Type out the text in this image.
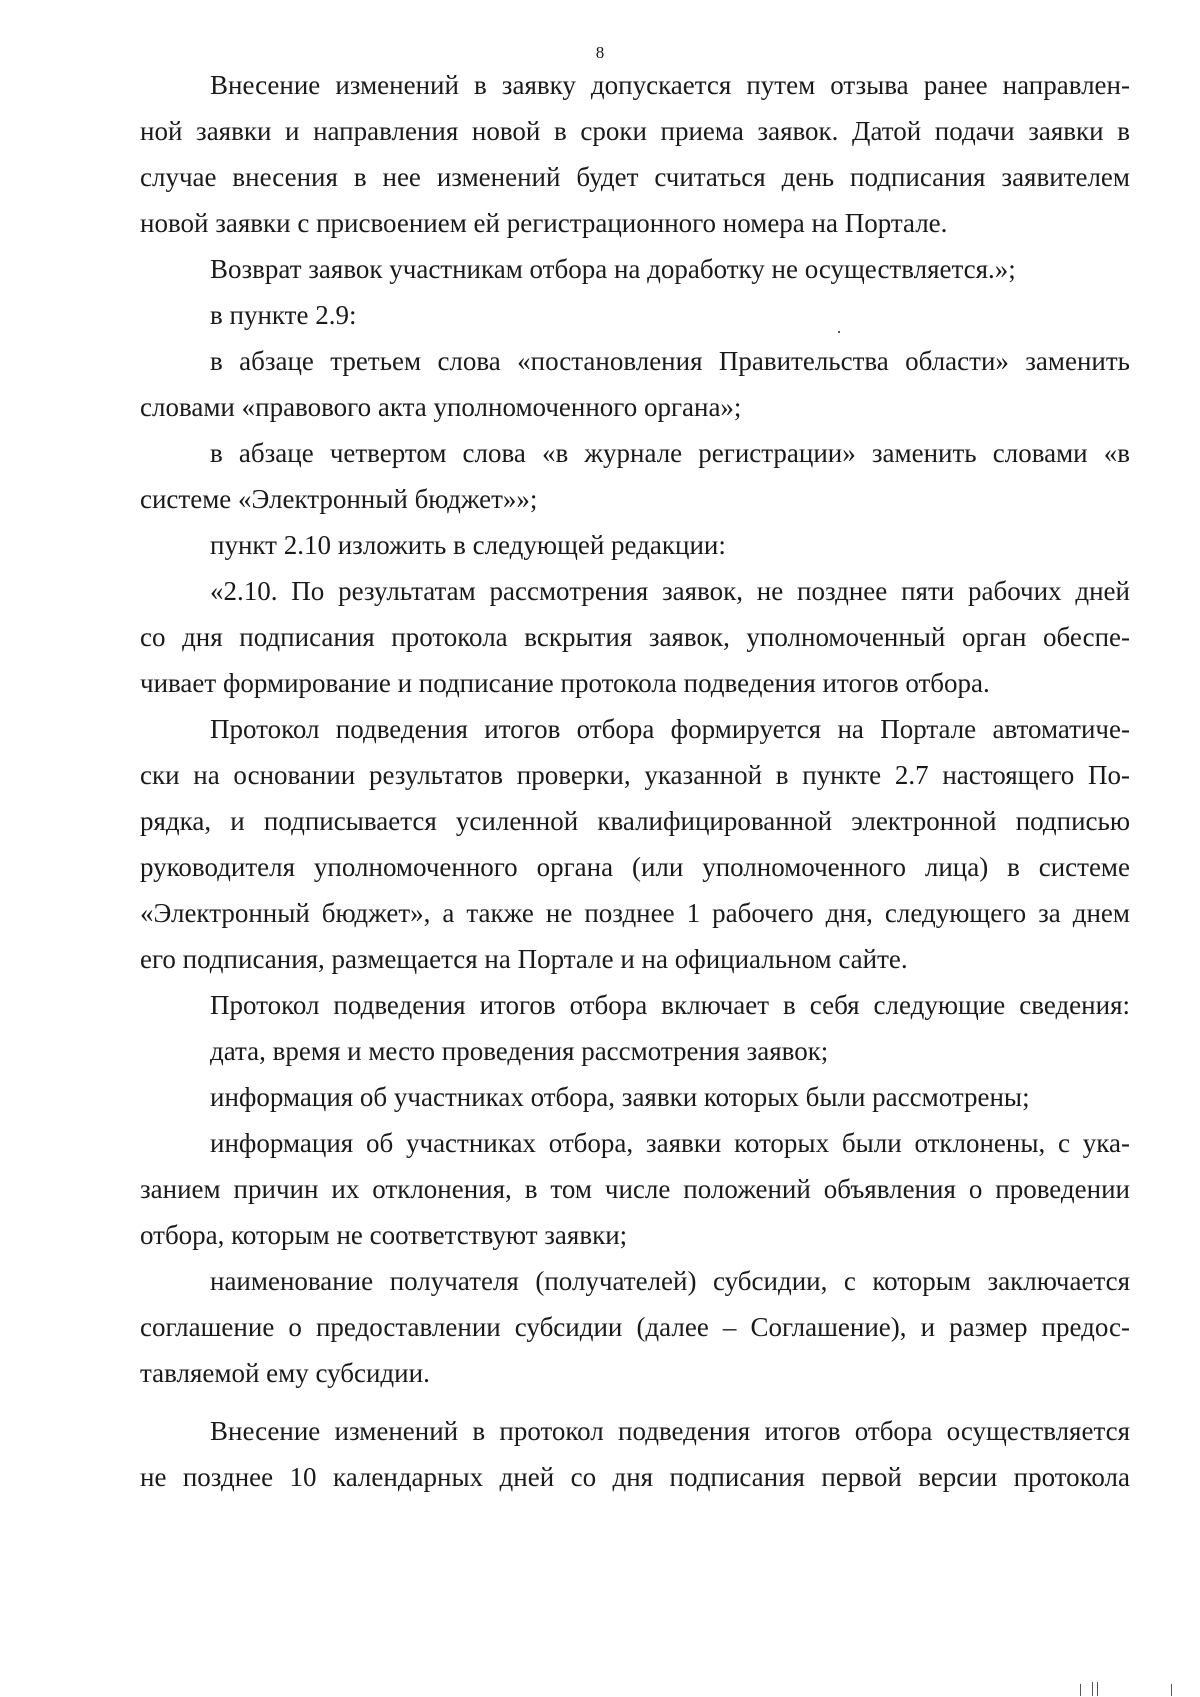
8
Внесение изменений в заявку допускается путем отзыва ранее направлен-
ной заявки и направления новой в сроки приема заявок. Датой подачи заявки в
случае внесения в нее изменений будет считаться день подписания заявителем
новой заявки с присвоением ей регистрационного номера на Портале.
Возврат заявок участникам отбора на доработку не осуществляется.»;
в пункте 2.9:
в абзаце третьем слова «постановления Правительства области» заменить
словами «правового акта уполномоченного органа»;
в абзаце четвертом слова «в журнале регистрации» заменить словами «в
системе «Электронный бюджет»»;
пункт 2.10 изложить в следующей редакции:
«2.10. По результатам рассмотрения заявок, не позднее пяти рабочих дней
со дня подписания протокола вскрытия заявок, уполномоченный орган обеспе-
чивает формирование и подписание протокола подведения итогов отбора.
Протокол подведения итогов отбора формируется на Портале автоматиче-
ски на основании результатов проверки, указанной в пункте 2.7 настоящего По-
рядка, и подписывается усиленной квалифицированной электронной подписью
руководителя уполномоченного органа (или уполномоченного лица) в системе
«Электронный бюджет», а также не позднее 1 рабочего дня, следующего за днем
его подписания, размещается на Портале и на официальном сайте.
Протокол подведения итогов отбора включает в себя следующие сведения:
дата, время и место проведения рассмотрения заявок;
информация об участниках отбора, заявки которых были рассмотрены;
информация об участниках отбора, заявки которых были отклонены, с ука-
занием причин их отклонения, в том числе положений объявления о проведении
отбора, которым не соответствуют заявки;
наименование получателя (получателей) субсидии, с которым заключается
соглашение о предоставлении субсидии (далее – Соглашение), и размер предос-
тавляемой ему субсидии.
Внесение изменений в протокол подведения итогов отбора осуществляется
не позднее 10 календарных дней со дня подписания первой версии протокола
